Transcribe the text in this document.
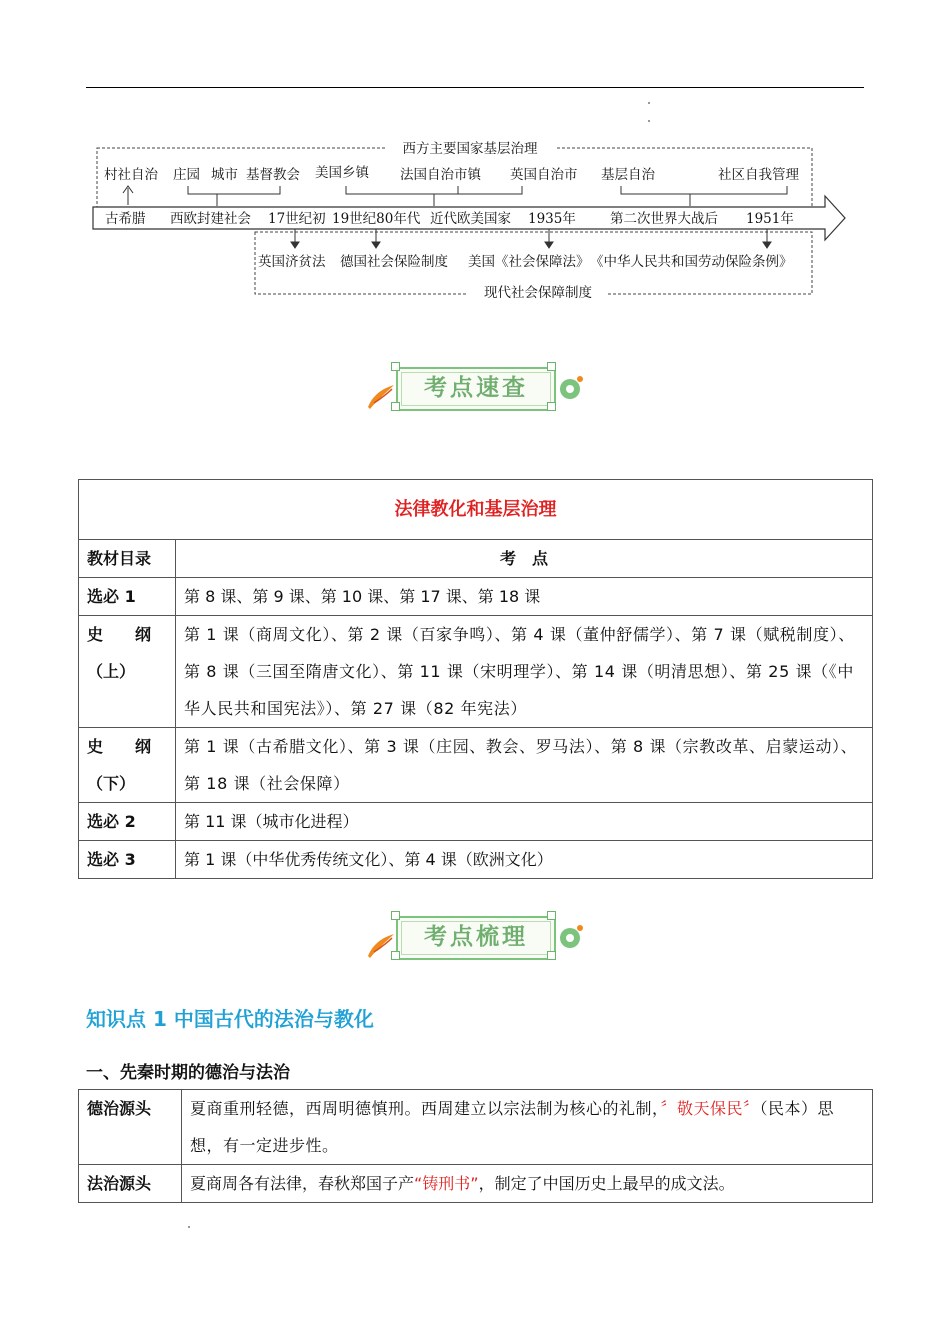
西方主要国家基层治理
现代社会保障制度
村社自治 庄园 城市 基督教会 美国乡镇 法国自治市镇 英国自治市 基层自治	社区自我管理
古希腊 西欧封建社会 17世纪初 19世纪80年代 近代欧美国家 1935年	第二次世界大战后 1951年
英国济贫法 德国社会保险制度 美国《社会保障法》 《中华人民共和国劳动保险条例》
考点速查
法律教化和基层治理	
教材目录	考　点
选必 1	第 8 课、第 9 课、第 10 课、第 17 课、第 18 课
史　　纲（上）	第 1 课（商周文化）、第 2 课（百家争鸣）、第 4 课（董仲舒儒学）、第 7 课（赋税制度）、第 8 课（三国至隋唐文化）、第 11 课（宋明理学）、第 14 课（明清思想）、第 25 课（《中华人民共和国宪法》）、第 27 课（82 年宪法）
史　　纲（下）	第 1 课（古希腊文化）、第 3 课（庄园、教会、罗马法）、第 8 课（宗教改革、启蒙运动）、第 18 课（社会保障）
选必 2	第 11 课（城市化进程）
选必 3	第 1 课（中华优秀传统文化）、第 4 课（欧洲文化）
考点梳理
知识点 1 中国古代的法治与教化
一、先秦时期的德治与法治
德治源头	夏商重刑轻德，西周明德慎刑。西周建立以宗法制为核心的礼制，〞敬天保民〞（民本）思想，有一定进步性。
法治源头	夏商周各有法律，春秋郑国子产“铸刑书”，制定了中国历史上最早的成文法。
